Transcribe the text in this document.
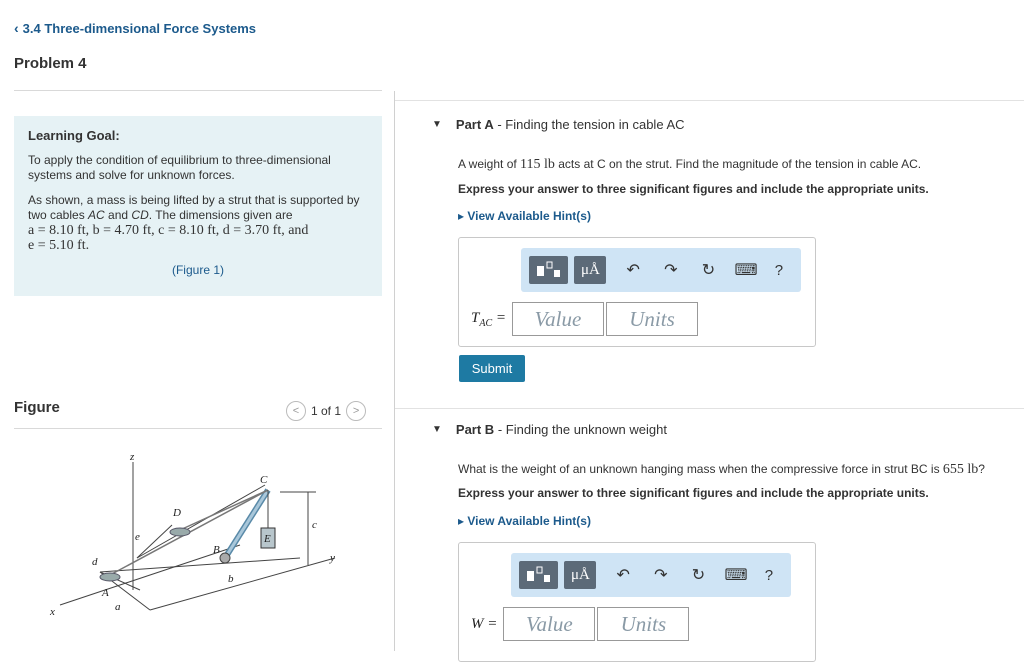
‹ 3.4 Three-dimensional Force Systems
Problem 4
Learning Goal:
To apply the condition of equilibrium to three-dimensional systems and solve for unknown forces.
As shown, a mass is being lifted by a strut that is supported by two cables AC and CD. The dimensions given are
a = 8.10 ft, b = 4.70 ft, c = 8.10 ft, d = 3.70 ft, and
e = 5.10 ft.
(Figure 1)
Figure	< 1 of 1	>
z
C
D
e	E
c
d
B
y
A
b
a
x
▼ Part A - Finding the tension in cable AC
A weight of 115 lb acts at C on the strut. Find the magnitude of the tension in cable AC.
Express your answer to three significant figures and include the appropriate units.
▸ View Available Hint(s)
μÅ	↶	↷	↻	⌨	?
$T_{AC}$ =	Value	Units
Submit
▼ Part B - Finding the unknown weight
What is the weight of an unknown hanging mass when the compressive force in strut BC is 655 lb?
Express your answer to three significant figures and include the appropriate units.
▸ View Available Hint(s)
μÅ	↶	↷	↻	⌨	?
W =	Value	Units
